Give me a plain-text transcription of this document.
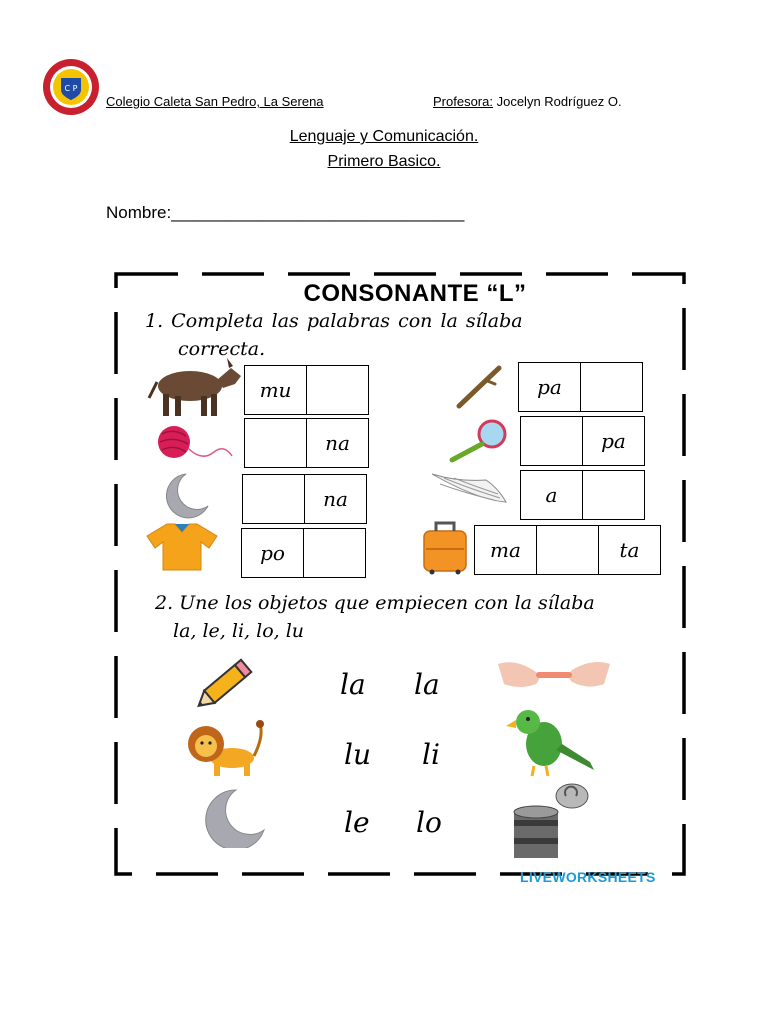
C P
Colegio Caleta San Pedro, La Serena	Profesora: Jocelyn Rodríguez O.
Lenguaje y Comunicación.
Primero Basico.
Nombre:_______________________________
CONSONANTE “L”
1. Completa las palabras con la sílaba
correcta.
mu
na
na
po
pa
pa
a
ma	ta
2. Une los objetos que empiecen con la sílaba
la, le, li, lo, lu
la la
lu li
le lo
LIVEWORKSHEETS
